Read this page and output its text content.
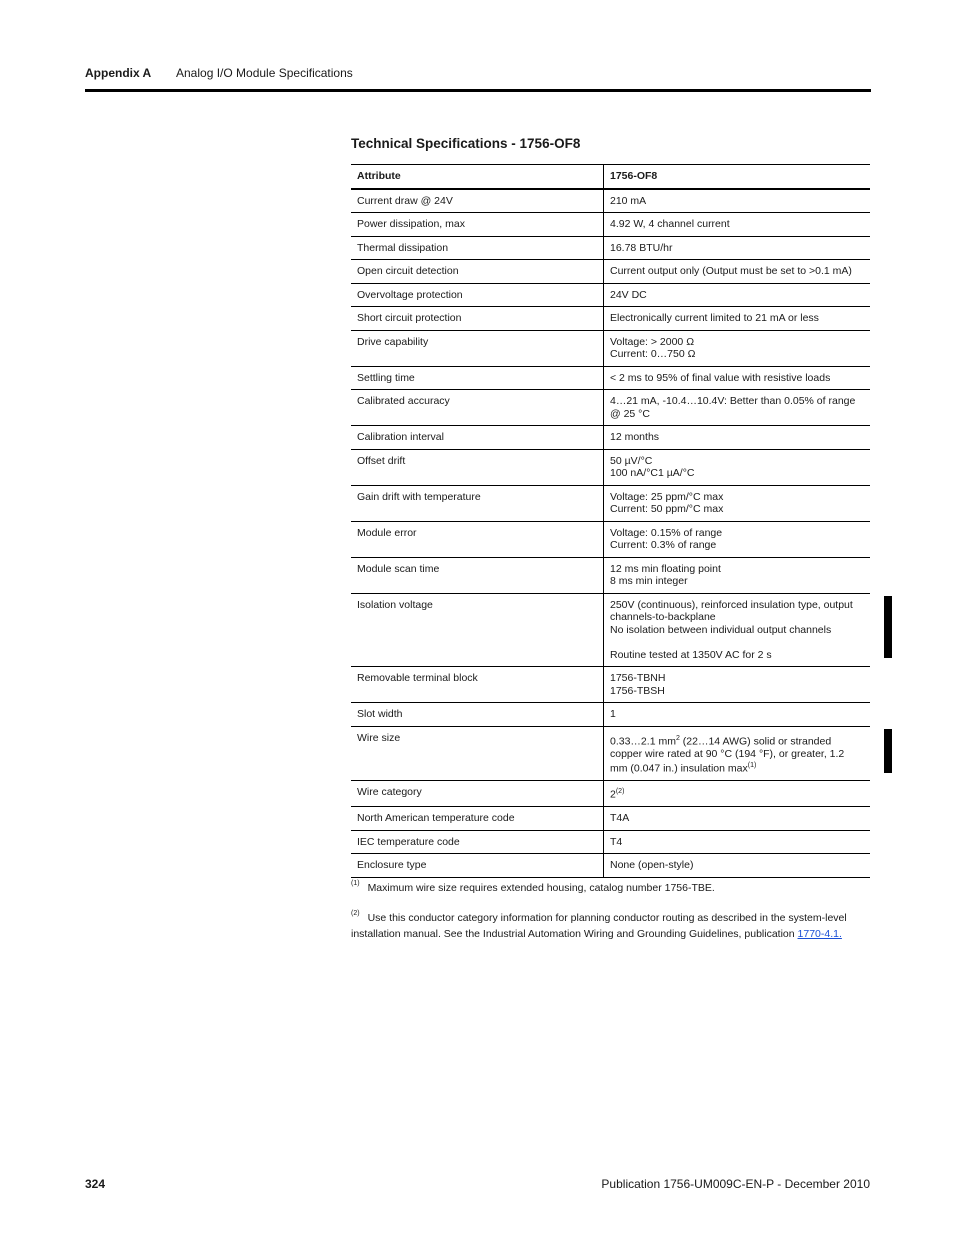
Appendix A Analog I/O Module Specifications
Technical Specifications - 1756-OF8
Attribute	1756-OF8
Current draw @ 24V	210 mA
Power dissipation, max	4.92 W, 4 channel current
Thermal dissipation	16.78 BTU/hr
Open circuit detection	Current output only (Output must be set to >0.1 mA)
Overvoltage protection	24V DC
Short circuit protection	Electronically current limited to 21 mA or less
Drive capability	Voltage: > 2000 Ω
Current: 0…750 Ω
Settling time	< 2 ms to 95% of final value with resistive loads
Calibrated accuracy	4…21 mA, -10.4…10.4V: Better than 0.05% of range @ 25 °C
Calibration interval	12 months
Offset drift	50 µV/°C
100 nA/°C1 µA/°C
Gain drift with temperature	Voltage: 25 ppm/°C max
Current: 50 ppm/°C max
Module error	Voltage: 0.15% of range
Current: 0.3% of range
Module scan time	12 ms min floating point
8 ms min integer
Isolation voltage	250V (continuous), reinforced insulation type, output channels-to-backplane
No isolation between individual output channels

Routine tested at 1350V AC for 2 s
Removable terminal block	1756-TBNH
1756-TBSH
Slot width	1
Wire size	0.33…2.1 $mm^2$ (22…14 AWG) solid or stranded copper wire rated at 90 °C (194 °F), or greater, 1.2 mm (0.047 in.) insulation $\max^{(1)}$
Wire category	2$^{(2)}$
North American temperature code	T4A
IEC temperature code	T4
Enclosure type	None (open-style)
$^{(1)}$ Maximum wire size requires extended housing, catalog number 1756-TBE.
$^{(2)}$ Use this conductor category information for planning conductor routing as described in the system-level installation manual. See the Industrial Automation Wiring and Grounding Guidelines, publication 1770-4.1.
324	Publication 1756-UM009C-EN-P - December 2010
